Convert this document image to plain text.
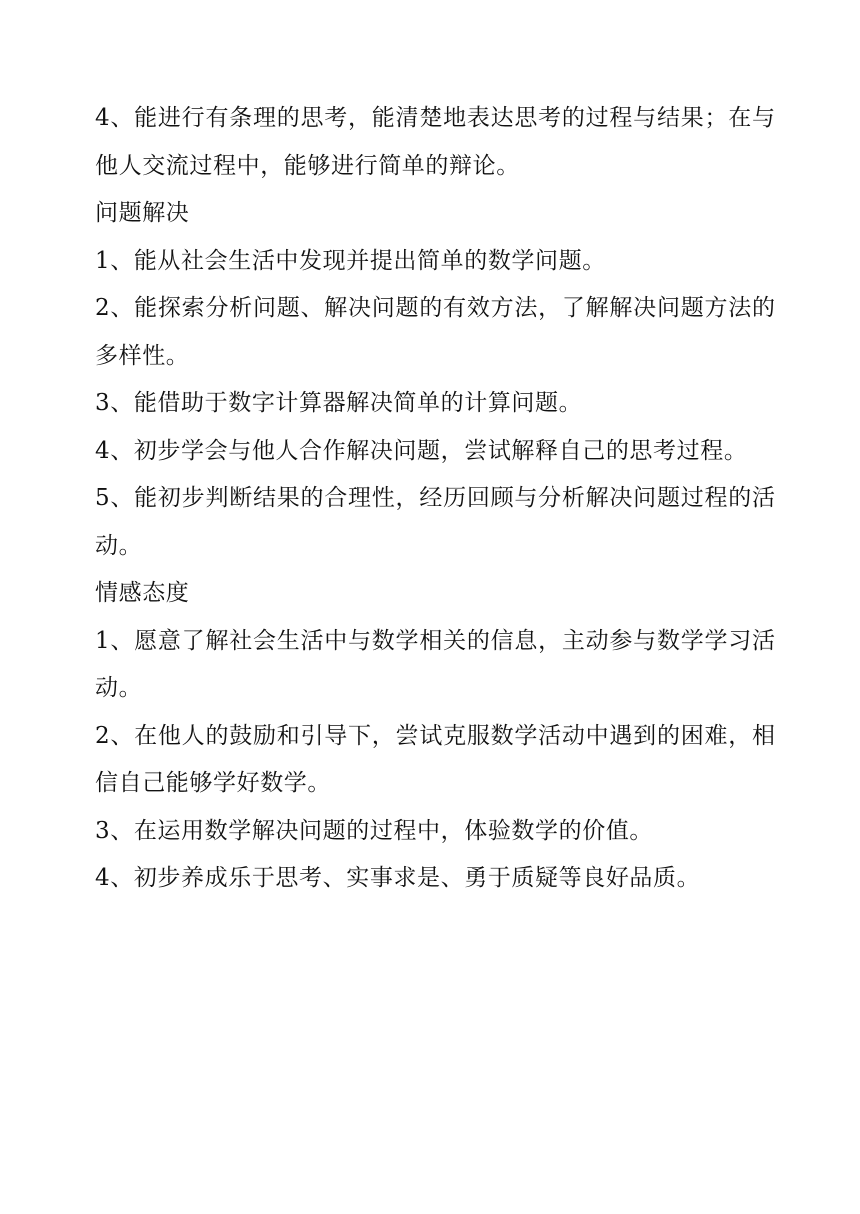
4、能进行有条理的思考，能清楚地表达思考的过程与结果；在与
他人交流过程中，能够进行简单的辩论。
问题解决
1、能从社会生活中发现并提出简单的数学问题。
2、能探索分析问题、解决问题的有效方法，了解解决问题方法的
多样性。
3、能借助于数字计算器解决简单的计算问题。
4、初步学会与他人合作解决问题，尝试解释自己的思考过程。
5、能初步判断结果的合理性，经历回顾与分析解决问题过程的活
动。
情感态度
1、愿意了解社会生活中与数学相关的信息，主动参与数学学习活
动。
2、在他人的鼓励和引导下，尝试克服数学活动中遇到的困难，相
信自己能够学好数学。
3、在运用数学解决问题的过程中，体验数学的价值。
4、初步养成乐于思考、实事求是、勇于质疑等良好品质。
